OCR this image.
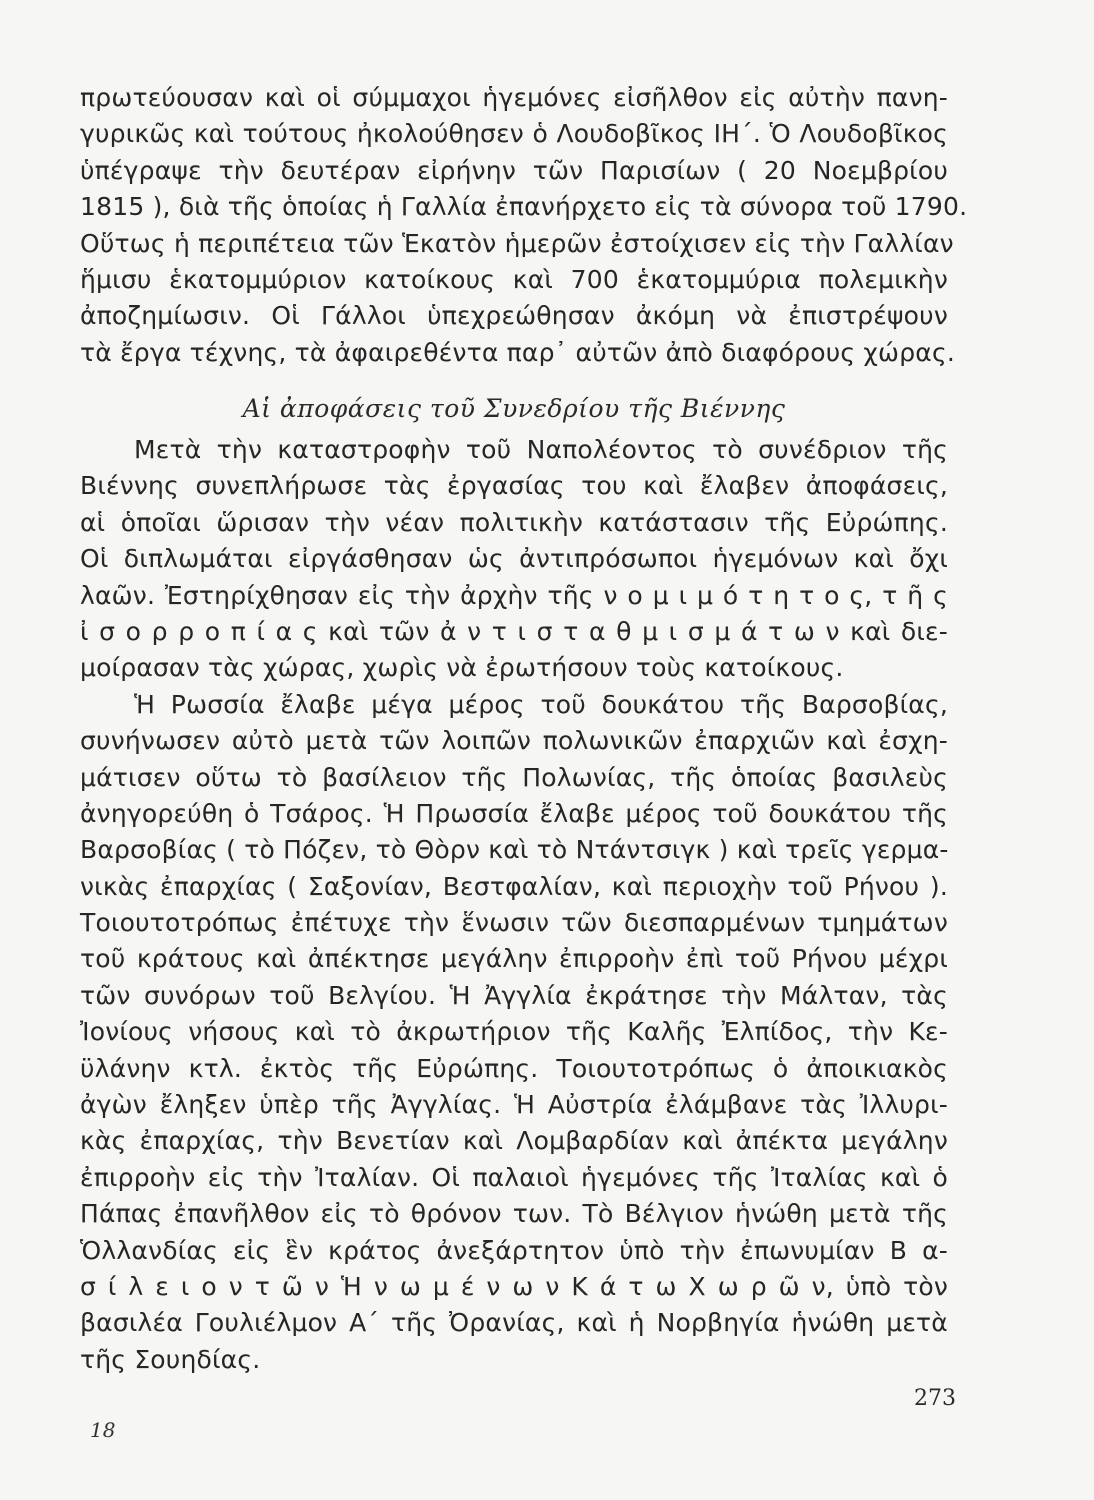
πρωτεύουσαν καὶ οἱ σύμμαχοι ἡγεμόνες εἰσῆλθον εἰς αὐτὴν πανη-
γυρικῶς καὶ τούτους ἠκολούθησεν ὁ Λουδοβῖκος ΙΗ΄. Ὁ Λουδοβῖκος
ὑπέγραψε τὴν δευτέραν εἰρήνην τῶν Παρισίων ( 20 Νοεμβρίου
1815 ), διὰ τῆς ὁποίας ἡ Γαλλία ἐπανήρχετο εἰς τὰ σύνορα τοῦ 1790.
Οὕτως ἡ περιπέτεια τῶν Ἑκατὸν ἡμερῶν ἐστοίχισεν εἰς τὴν Γαλλίαν
ἥμισυ ἑκατομμύριον κατοίκους καὶ 700 ἑκατομμύρια πολεμικὴν
ἀποζημίωσιν. Οἱ Γάλλοι ὑπεχρεώθησαν ἀκόμη νὰ ἐπιστρέψουν
τὰ ἔργα τέχνης, τὰ ἀφαιρεθέντα παρ᾽ αὐτῶν ἀπὸ διαφόρους χώρας.
Αἱ ἀποφάσεις τοῦ Συνεδρίου τῆς Βιέννης
Μετὰ τὴν καταστροφὴν τοῦ Ναπολέοντος τὸ συνέδριον τῆς
Βιέννης συνεπλήρωσε τὰς ἐργασίας του καὶ ἔλαβεν ἀποφάσεις,
αἱ ὁποῖαι ὥρισαν τὴν νέαν πολιτικὴν κατάστασιν τῆς Εὐρώπης.
Οἱ διπλωμάται εἰργάσθησαν ὡς ἀντιπρόσωποι ἡγεμόνων καὶ ὄχι
λαῶν. Ἐστηρίχθησαν εἰς τὴν ἀρχὴν τῆς ν ο μ ι μ ό τ η τ ο ς, τ ῆ ς
ἰ σ ο ρ ρ ο π ί α ς καὶ τῶν ἀ ν τ ι σ τ α θ μ ι σ μ ά τ ω ν καὶ διε-
μοίρασαν τὰς χώρας, χωρὶς νὰ ἐρωτήσουν τοὺς κατοίκους.
Ἡ Ρωσσία ἔλαβε μέγα μέρος τοῦ δουκάτου τῆς Βαρσοβίας,
συνήνωσεν αὐτὸ μετὰ τῶν λοιπῶν πολωνικῶν ἐπαρχιῶν καὶ ἐσχη-
μάτισεν οὕτω τὸ βασίλειον τῆς Πολωνίας, τῆς ὁποίας βασιλεὺς
ἀνηγορεύθη ὁ Τσάρος. Ἡ Πρωσσία ἔλαβε μέρος τοῦ δουκάτου τῆς
Βαρσοβίας ( τὸ Πόζεν, τὸ Θὸρν καὶ τὸ Ντάντσιγκ ) καὶ τρεῖς γερμα-
νικὰς ἐπαρχίας ( Σαξονίαν, Βεστφαλίαν, καὶ περιοχὴν τοῦ Ρήνου ).
Τοιουτοτρόπως ἐπέτυχε τὴν ἕνωσιν τῶν διεσπαρμένων τμημάτων
τοῦ κράτους καὶ ἀπέκτησε μεγάλην ἐπιρροὴν ἐπὶ τοῦ Ρήνου μέχρι
τῶν συνόρων τοῦ Βελγίου. Ἡ Ἀγγλία ἐκράτησε τὴν Μάλταν, τὰς
Ἰονίους νήσους καὶ τὸ ἀκρωτήριον τῆς Καλῆς Ἐλπίδος, τὴν Κε-
ϋλάνην κτλ. ἐκτὸς τῆς Εὐρώπης. Τοιουτοτρόπως ὁ ἀποικιακὸς
ἀγὼν ἔληξεν ὑπὲρ τῆς Ἀγγλίας. Ἡ Αὐστρία ἐλάμβανε τὰς Ἰλλυρι-
κὰς ἐπαρχίας, τὴν Βενετίαν καὶ Λομβαρδίαν καὶ ἀπέκτα μεγάλην
ἐπιρροὴν εἰς τὴν Ἰταλίαν. Οἱ παλαιοὶ ἡγεμόνες τῆς Ἰταλίας καὶ ὁ
Πάπας ἐπανῆλθον εἰς τὸ θρόνον των. Τὸ Βέλγιον ἡνώθη μετὰ τῆς
Ὁλλανδίας εἰς ἓν κράτος ἀνεξάρτητον ὑπὸ τὴν ἐπωνυμίαν Β α-
σ ί λ ε ι ο ν τ ῶ ν Ἡ ν ω μ έ ν ω ν Κ ά τ ω Χ ω ρ ῶ ν, ὑπὸ τὸν
βασιλέα Γουλιέλμον Α΄ τῆς Ὀρανίας, καὶ ἡ Νορβηγία ἡνώθη μετὰ
τῆς Σουηδίας.
273
18
